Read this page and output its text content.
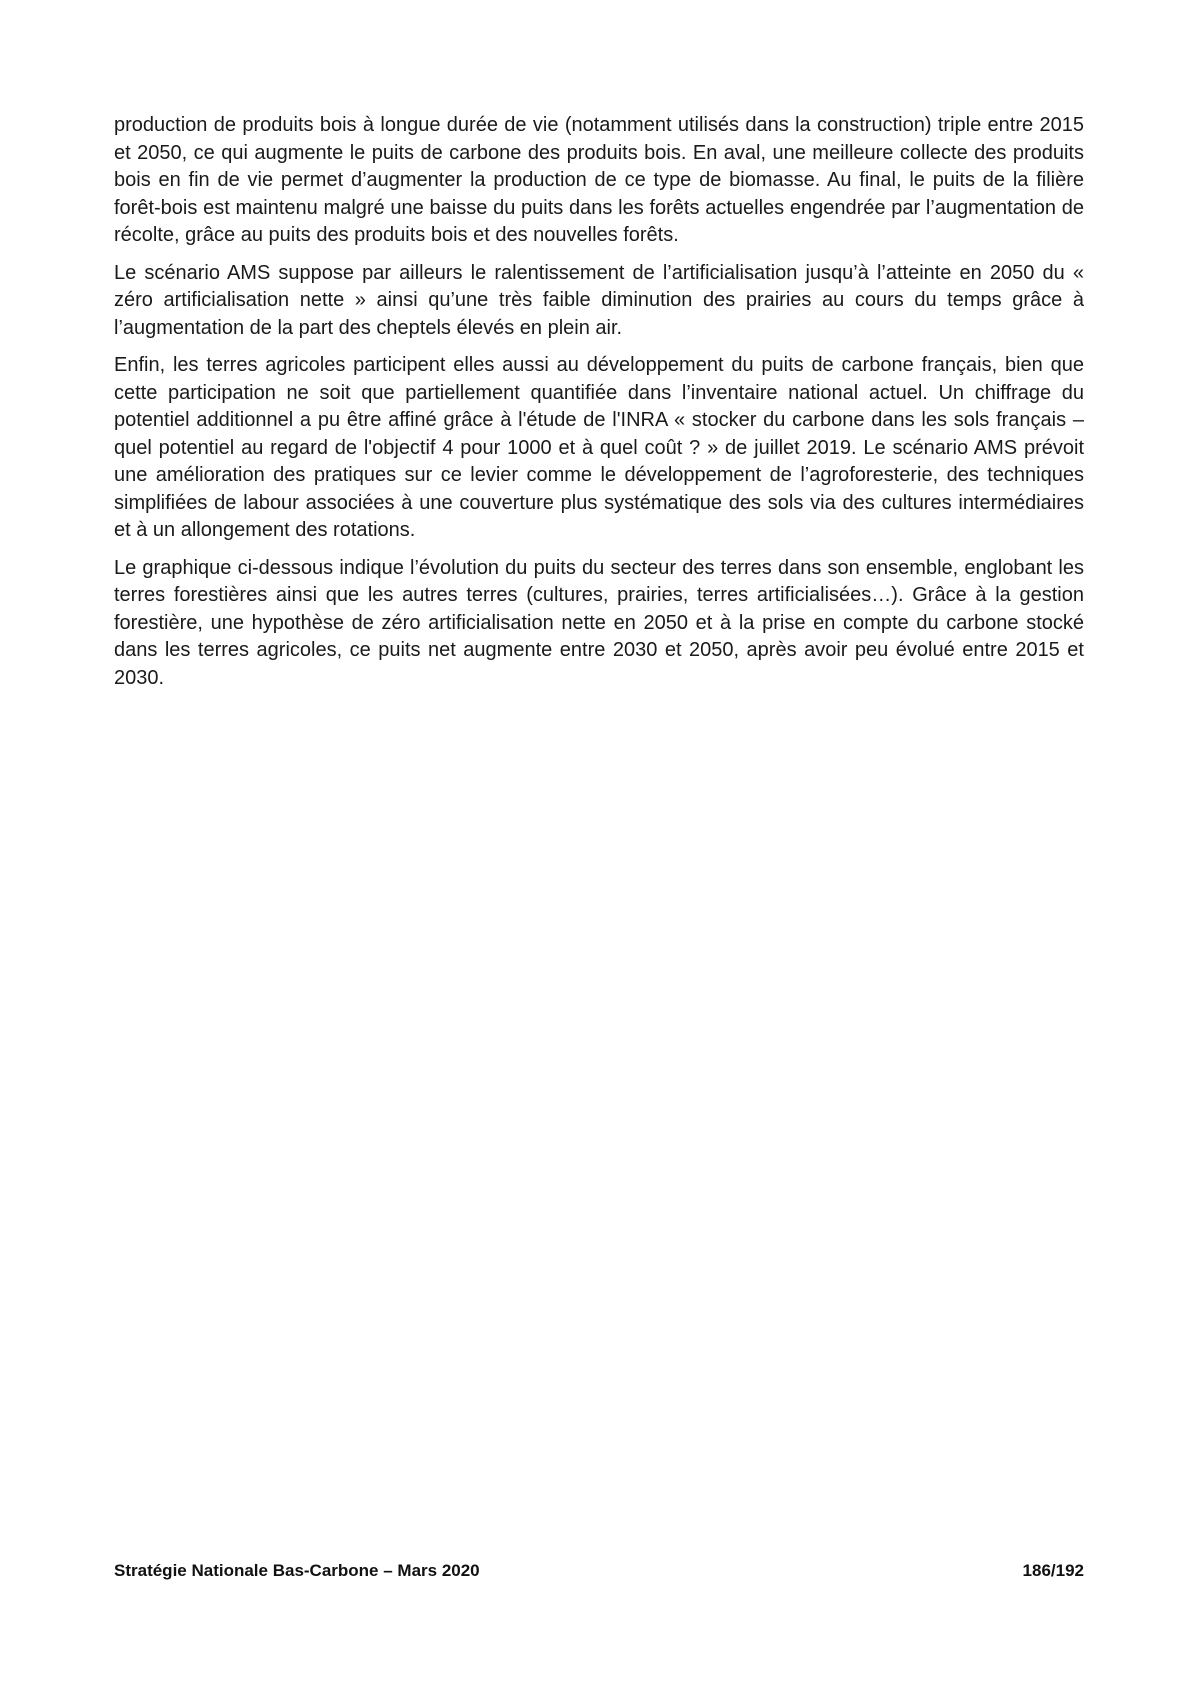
production de produits bois à longue durée de vie (notamment utilisés dans la construction) triple entre 2015 et 2050, ce qui augmente le puits de carbone des produits bois. En aval, une meilleure collecte des produits bois en fin de vie permet d’augmenter la production de ce type de biomasse. Au final, le puits de la filière forêt-bois est maintenu malgré une baisse du puits dans les forêts actuelles engendrée par l’augmentation de récolte, grâce au puits des produits bois et des nouvelles forêts.

Le scénario AMS suppose par ailleurs le ralentissement de l’artificialisation jusqu’à l’atteinte en 2050 du « zéro artificialisation nette » ainsi qu’une très faible diminution des prairies au cours du temps grâce à l’augmentation de la part des cheptels élevés en plein air.

Enfin, les terres agricoles participent elles aussi au développement du puits de carbone français, bien que cette participation ne soit que partiellement quantifiée dans l’inventaire national actuel. Un chiffrage du potentiel additionnel a pu être affiné grâce à l'étude de l'INRA « stocker du carbone dans les sols français – quel potentiel au regard de l'objectif 4 pour 1000 et à quel coût ? » de juillet 2019. Le scénario AMS prévoit une amélioration des pratiques sur ce levier comme le développement de l’agroforesterie, des techniques simplifiées de labour associées à une couverture plus systématique des sols via des cultures intermédiaires et à un allongement des rotations.

Le graphique ci-dessous indique l’évolution du puits du secteur des terres dans son ensemble, englobant les terres forestières ainsi que les autres terres (cultures, prairies, terres artificialisées…). Grâce à la gestion forestière, une hypothèse de zéro artificialisation nette en 2050 et à la prise en compte du carbone stocké dans les terres agricoles, ce puits net augmente entre 2030 et 2050, après avoir peu évolué entre 2015 et 2030.

Stratégie Nationale Bas-Carbone – Mars 2020	186/192
